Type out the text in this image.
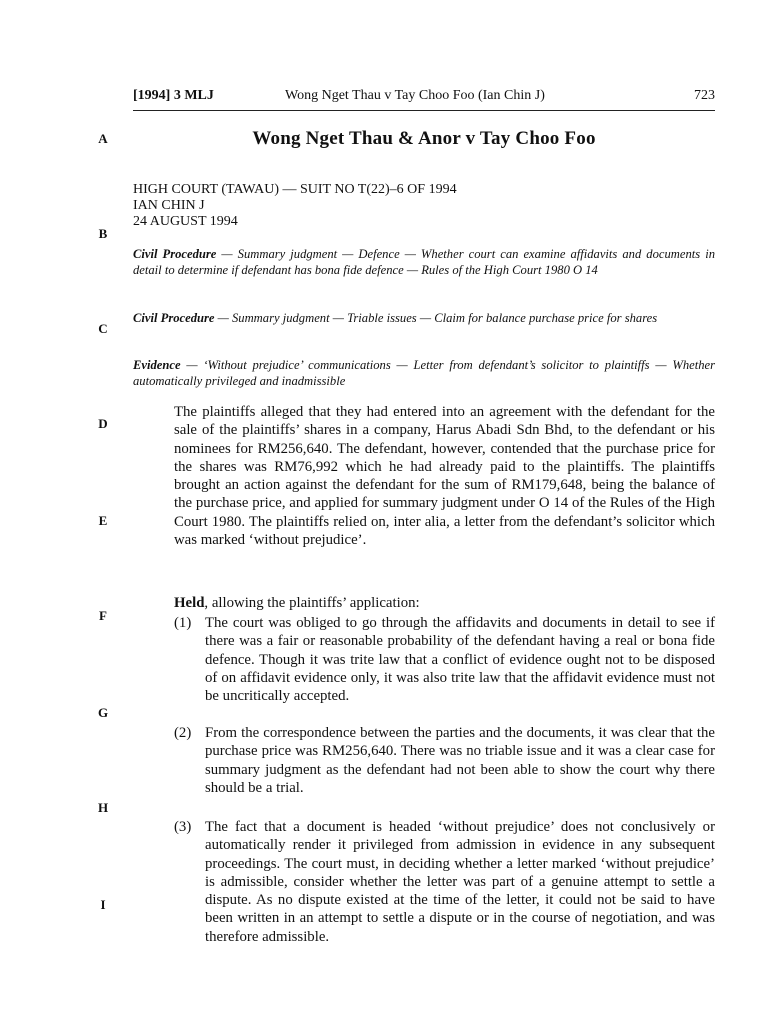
[1994] 3 MLJ	Wong Nget Thau v Tay Choo Foo (Ian Chin J)	723
Wong Nget Thau & Anor v Tay Choo Foo
HIGH COURT (TAWAU) — SUIT NO T(22)–6 OF 1994
IAN CHIN J
24 AUGUST 1994
Civil Procedure — Summary judgment — Defence — Whether court can examine affidavits and documents in detail to determine if defendant has bona fide defence — Rules of the High Court 1980 O 14
Civil Procedure — Summary judgment — Triable issues — Claim for balance purchase price for shares
Evidence — ‘Without prejudice’ communications — Letter from defendant’s solicitor to plaintiffs — Whether automatically privileged and inadmissible
The plaintiffs alleged that they had entered into an agreement with the defendant for the sale of the plaintiffs’ shares in a company, Harus Abadi Sdn Bhd, to the defendant or his nominees for RM256,640. The defendant, however, contended that the purchase price for the shares was RM76,992 which he had already paid to the plaintiffs. The plaintiffs brought an action against the defendant for the sum of RM179,648, being the balance of the purchase price, and applied for summary judgment under O 14 of the Rules of the High Court 1980. The plaintiffs relied on, inter alia, a letter from the defendant’s solicitor which was marked ‘without prejudice’.
Held, allowing the plaintiffs’ application:
(1) The court was obliged to go through the affidavits and documents in detail to see if there was a fair or reasonable probability of the defendant having a real or bona fide defence. Though it was trite law that a conflict of evidence ought not to be disposed of on affidavit evidence only, it was also trite law that the affidavit evidence must not be uncritically accepted.
(2) From the correspondence between the parties and the documents, it was clear that the purchase price was RM256,640. There was no triable issue and it was a clear case for summary judgment as the defendant had not been able to show the court why there should be a trial.
(3) The fact that a document is headed ‘without prejudice’ does not conclusively or automatically render it privileged from admission in evidence in any subsequent proceedings. The court must, in deciding whether a letter marked ‘without prejudice’ is admissible, consider whether the letter was part of a genuine attempt to settle a dispute. As no dispute existed at the time of the letter, it could not be said to have been written in an attempt to settle a dispute or in the course of negotiation, and was therefore admissible.
A
B
C
D
E
F
G
H
I
